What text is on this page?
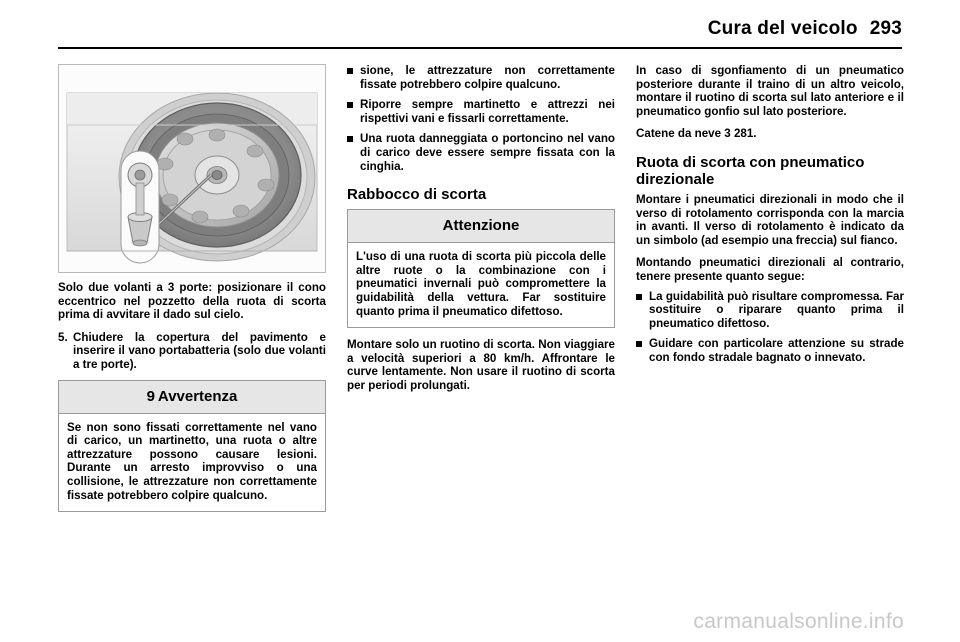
Cura del veicolo 293

Solo due volanti a 3 porte: posizionare il cono eccentrico nel pozzetto della ruota di scorta prima di avvitare il dado sul cielo.

5. Chiudere la copertura del pavimento e inserire il vano portabatteria (solo due volanti a tre porte).
9 Avvertenza
Se non sono fissati correttamente nel vano di carico, un martinetto, una ruota o altre attrezzature possono causare lesioni. Durante un arresto improvviso o una collisione, le attrezzature non correttamente fissate potrebbero colpire qualcuno.
sione, le attrezzature non correttamente fissate potrebbero colpire qualcuno.
Riporre sempre martinetto e attrezzi nei rispettivi vani e fissarli correttamente.
Una ruota danneggiata o portoncino nel vano di carico deve essere sempre fissata con la cinghia.
Rabbocco di scorta
Attenzione
L'uso di una ruota di scorta più piccola delle altre ruote o la combinazione con i pneumatici invernali può compromettere la guidabilità della vettura. Far sostituire quanto prima il pneumatico difettoso.

Montare solo un ruotino di scorta. Non viaggiare a velocità superiori a 80 km/h. Affrontare le curve lentamente. Non usare il ruotino di scorta per periodi prolungati.

In caso di sgonfiamento di un pneumatico posteriore durante il traino di un altro veicolo, montare il ruotino di scorta sul lato anteriore e il pneumatico gonfio sul lato posteriore.

Catene da neve 3 281.

Ruota di scorta con pneumatico direzionale

Montare i pneumatici direzionali in modo che il verso di rotolamento corrisponda con la marcia in avanti. Il verso di rotolamento è indicato da un simbolo (ad esempio una freccia) sul fianco.

Montando pneumatici direzionali al contrario, tenere presente quanto segue:

La guidabilità può risultare compromessa. Far sostituire o riparare quanto prima il pneumatico difettoso.
Guidare con particolare attenzione su strade con fondo stradale bagnato o innevato.
carmanualsonline.info
